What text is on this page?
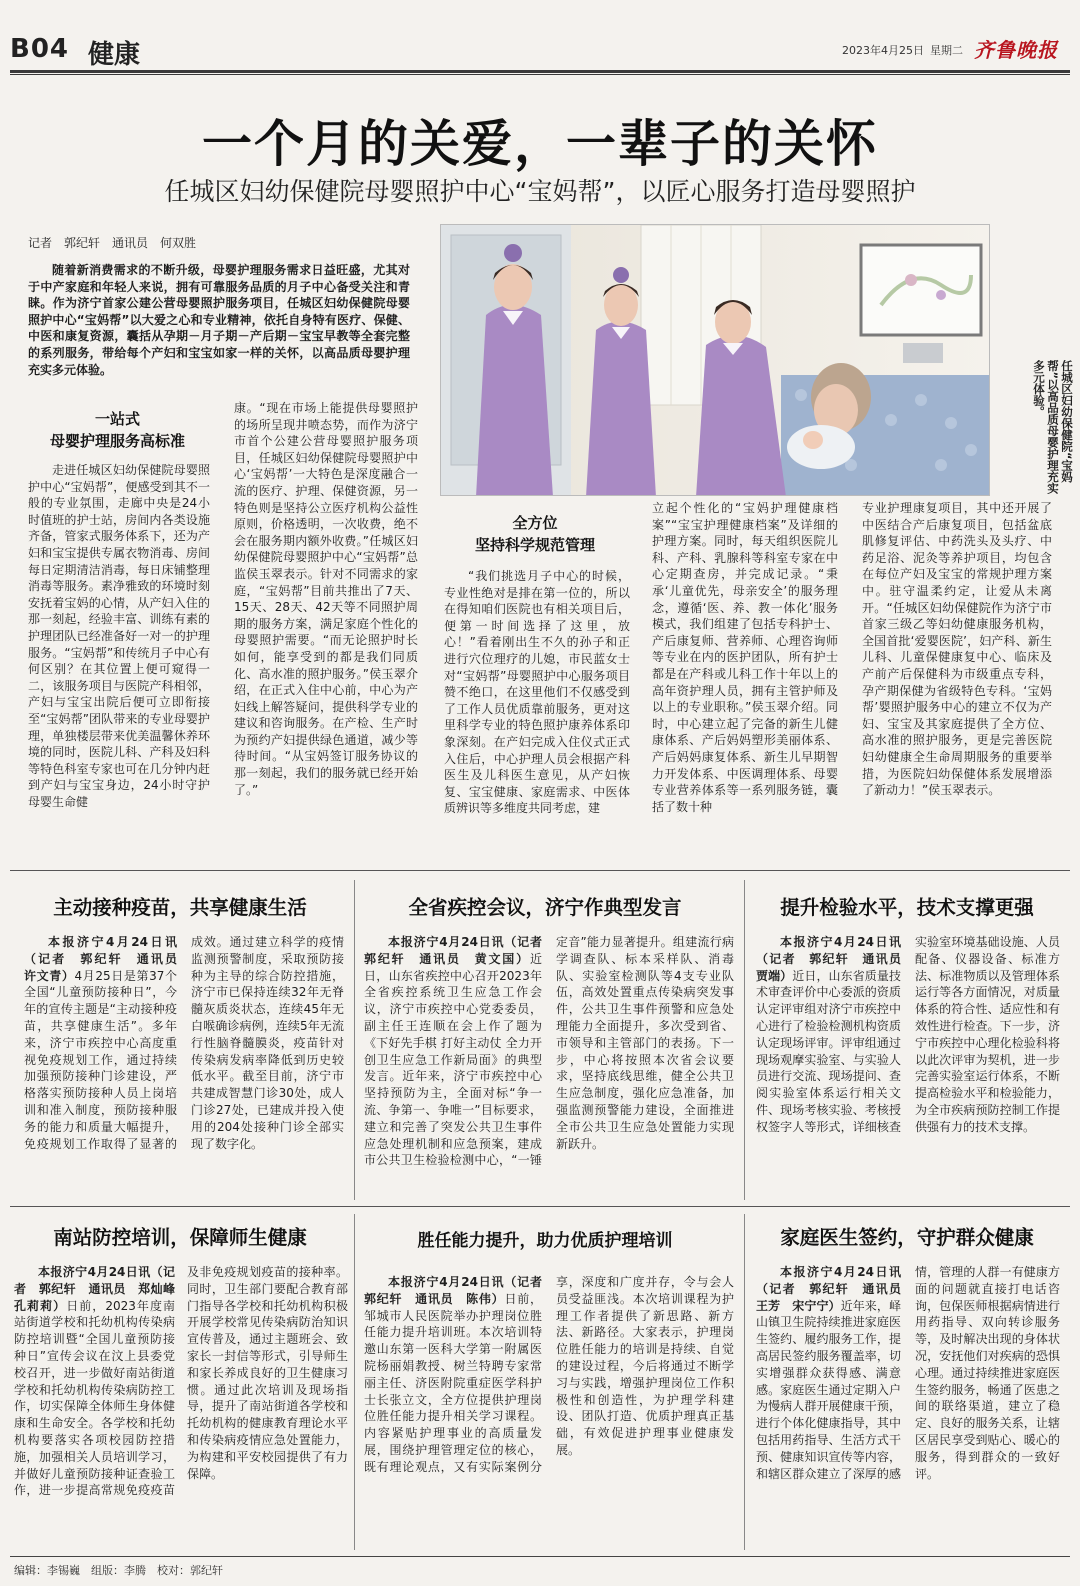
B04 健康	2023年4月25日 星期二 齐鲁晚报
一个月的关爱，一辈子的关怀
任城区妇幼保健院母婴照护中心“宝妈帮”，以匠心服务打造母婴照护
记者　郭纪轩　通讯员　何双胜
随着新消费需求的不断升级，母婴护理服务需求日益旺盛，尤其对于中产家庭和年轻人来说，拥有可靠服务品质的月子中心备受关注和青睐。作为济宁首家公建公营母婴照护服务项目，任城区妇幼保健院母婴照护中心“宝妈帮”以大爱之心和专业精神，依托自身特有医疗、保健、中医和康复资源，囊括从孕期－月子期－产后期－宝宝早教等全套完整的系列服务，带给每个产妇和宝宝如家一样的关怀，以高品质母婴护理充实多元体验。	任城区妇幼保健院“宝妈帮”以高品质母婴护理充实多元体验。
一站式
母婴护理服务高标准
走进任城区妇幼保健院母婴照护中心“宝妈帮”，便感受到其不一般的专业氛围，走廊中央是24小时值班的护士站，房间内各类设施齐备，管家式服务体系下，还为产妇和宝宝提供专属衣物消毒、房间每日定期清洁消毒，每日床铺整理消毒等服务。素净雅致的环境时刻安抚着宝妈的心情，从产妇入住的那一刻起，经验丰富、训练有素的护理团队已经准备好一对一的护理服务。“宝妈帮”和传统月子中心有何区别？在其位置上便可窥得一二，该服务项目与医院产科相邻，产妇与宝宝出院后便可立即衔接至“宝妈帮”团队带来的专业母婴护理，单独楼层带来优美温馨休养环境的同时，医院儿科、产科及妇科等特色科室专家也可在几分钟内赶到产妇与宝宝身边，24小时守护母婴生命健
康。“现在市场上能提供母婴照护的场所呈现井喷态势，而作为济宁市首个公建公营母婴照护服务项目，任城区妇幼保健院母婴照护中心‘宝妈帮’一大特色是深度融合一流的医疗、护理、保健资源，另一特色则是坚持公立医疗机构公益性原则，价格透明，一次收费，绝不会在服务期内额外收费。”任城区妇幼保健院母婴照护中心“宝妈帮”总监侯玉翠表示。针对不同需求的家庭，“宝妈帮”目前共推出了7天、15天、28天、42天等不同照护周期的服务方案，满足家庭个性化的母婴照护需要。“而无论照护时长如何，能享受到的都是我们同质化、高水准的照护服务。”侯玉翠介绍，在正式入住中心前，中心为产妇线上解答疑问，提供科学专业的建议和咨询服务。在产检、生产时为预约产妇提供绿色通道，减少等待时间。“从宝妈签订服务协议的那一刻起，我们的服务就已经开始了。”
全方位
坚持科学规范管理
“我们挑选月子中心的时候，专业性绝对是排在第一位的，所以在得知咱们医院也有相关项目后，便第一时间选择了这里，放心！”看着刚出生不久的孙子和正进行穴位理疗的儿媳，市民蓝女士对“宝妈帮”母婴照护中心服务项目赞不绝口，在这里他们不仅感受到了工作人员优质靠前服务，更对这里科学专业的特色照护康养体系印象深刻。在产妇完成入住仪式正式入住后，中心护理人员会根据产科医生及儿科医生意见，从产妇恢复、宝宝健康、家庭需求、中医体质辨识等多维度共同考虑，建
立起个性化的“宝妈护理健康档案”“宝宝护理健康档案”及详细的护理方案。同时，每天组织医院儿科、产科、乳腺科等科室专家在中心定期查房，并完成记录。“秉承‘儿童优先，母亲安全’的服务理念，遵循‘医、养、教一体化’服务模式，我们组建了包括专科护士、产后康复师、营养师、心理咨询师等专业在内的医护团队，所有护士都是在产科或儿科工作十年以上的高年资护理人员，拥有主管护师及以上的专业职称。”侯玉翠介绍。同时，中心建立起了完备的新生儿健康体系、产后妈妈塑形美丽体系、产后妈妈康复体系、新生儿早期智力开发体系、中医调理体系、母婴专业营养体系等一系列服务链，囊括了数十种
专业护理康复项目，其中还开展了中医结合产后康复项目，包括盆底肌修复评估、中药洗头及头疗、中药足浴、泥灸等养护项目，均包含在每位产妇及宝宝的常规护理方案中。驻守温柔约定，让爱从未离开。“任城区妇幼保健院作为济宁市首家三级乙等妇幼健康服务机构，全国首批‘爱婴医院’，妇产科、新生儿科、儿童保健康复中心、临床及产前产后保健科为市级重点专科，孕产期保健为省级特色专科。‘宝妈帮’婴照护服务中心的建立不仅为产妇、宝宝及其家庭提供了全方位、高水准的照护服务，更是完善医院妇幼健康全生命周期服务的重要举措，为医院妇幼保健体系发展增添了新动力！”侯玉翠表示。
主动接种疫苗，共享健康生活
本报济宁4月24日讯（记者　郭纪轩　通讯员　许文青）4月25日是第37个全国“儿童预防接种日”，今年的宣传主题是“主动接种疫苗，共享健康生活”。多年来，济宁市疾控中心高度重视免疫规划工作，通过持续加强预防接种门诊建设，严格落实预防接种人员上岗培训和准入制度，预防接种服务的能力和质量大幅提升，免疫规划工作取得了显著的成效。通过建立科学的疫情监测预警制度，采取预防接种为主导的综合防控措施，济宁市已保持连续32年无脊髓灰质炎状态，连续45年无白喉确诊病例，连续5年无流行性脑脊髓膜炎，疫苗针对传染病发病率降低到历史较低水平。截至目前，济宁市共建成智慧门诊30处，成人门诊27处，已建成并投入使用的204处接种门诊全部实现了数字化。
全省疾控会议，济宁作典型发言
本报济宁4月24日讯（记者　郭纪轩　通讯员　黄文国）近日，山东省疾控中心召开2023年全省疾控系统卫生应急工作会议，济宁市疾控中心党委委员，副主任王连顺在会上作了题为《下好先手棋 打好主动仗 全力开创卫生应急工作新局面》的典型发言。近年来，济宁市疾控中心坚持预防为主，全面对标“争一流、争第一、争唯一”目标要求，建立和完善了突发公共卫生事件应急处理机制和应急预案，建成市公共卫生检验检测中心，“一锤定音”能力显著提升。组建流行病学调查队、标本采样队、消毒队、实验室检测队等4支专业队伍，高效处置重点传染病突发事件，公共卫生事件预警和应急处理能力全面提升，多次受到省、市领导和主管部门的表扬。下一步，中心将按照本次省会议要求，坚持底线思维，健全公共卫生应急制度，强化应急准备，加强监测预警能力建设，全面推进全市公共卫生应急处置能力实现新跃升。
提升检验水平，技术支撑更强
本报济宁4月24日讯（记者　郭纪轩　通讯员　贾端）近日，山东省质量技术审查评价中心委派的资质认定评审组对济宁市疾控中心进行了检验检测机构资质认定现场评审。评审组通过现场观摩实验室、与实验人员进行交流、现场提问、查阅实验室体系运行相关文件、现场考核实验、考核授权签字人等形式，详细核查实验室环境基础设施、人员配备、仪器设备、标准方法、标准物质以及管理体系运行等各方面情况，对质量体系的符合性、适应性和有效性进行检查。下一步，济宁市疾控中心理化检验科将以此次评审为契机，进一步完善实验室运行体系，不断提高检验水平和检验能力，为全市疾病预防控制工作提供强有力的技术支撑。
南站防控培训，保障师生健康
本报济宁4月24日讯（记者　郭纪轩　通讯员　郑灿峰　孔莉莉）日前，2023年度南站街道学校和托幼机构传染病防控培训暨“全国儿童预防接种日”宣传会议在汶上县委党校召开，进一步做好南站街道学校和托幼机构传染病防控工作，切实保障全体师生身体健康和生命安全。各学校和托幼机构要落实各项校园防控措施，加强相关人员培训学习，并做好儿童预防接种证查验工作，进一步提高常规免疫疫苗及非免疫规划疫苗的接种率。同时，卫生部门要配合教育部门指导各学校和托幼机构积极开展学校常见传染病防治知识宣传普及，通过主题班会、致家长一封信等形式，引导师生和家长养成良好的卫生健康习惯。通过此次培训及现场指导，提升了南站街道各学校和托幼机构的健康教育理论水平和传染病疫情应急处置能力，为构建和平安校园提供了有力保障。
胜任能力提升，助力优质护理培训
本报济宁4月24日讯（记者　郭纪轩　通讯员　陈伟）日前，邹城市人民医院举办护理岗位胜任能力提升培训班。本次培训特邀山东第一医科大学第一附属医院杨丽娟教授、树兰特聘专家常丽主任、济医附院重症医学科护士长张立文，全方位提供护理岗位胜任能力提升相关学习课程。内容紧贴护理事业的高质量发展，围绕护理管理定位的核心，既有理论观点，又有实际案例分享，深度和广度并存，令与会人员受益匪浅。本次培训课程为护理工作者提供了新思路、新方法、新路径。大家表示，护理岗位胜任能力的培训是持续、自觉的建设过程，今后将通过不断学习与实践，增强护理岗位工作积极性和创造性，为护理学科建设、团队打造、优质护理真正基础，有效促进护理事业健康发展。
家庭医生签约，守护群众健康
本报济宁4月24日讯（记者　郭纪轩　通讯员　王芳　宋宁宁）近年来，峄山镇卫生院持续推进家庭医生签约、履约服务工作，提高居民签约服务覆盖率，切实增强群众获得感、满意感。家庭医生通过定期入户为慢病人群开展健康干预，进行个体化健康指导，其中包括用药指导、生活方式干预、健康知识宣传等内容，和辖区群众建立了深厚的感情，管理的人群一有健康方面的问题就直接打电话咨询，包保医师根据病情进行用药指导、双向转诊服务等，及时解决出现的身体状况，安抚他们对疾病的恐惧心理。通过持续推进家庭医生签约服务，畅通了医患之间的联络渠道，建立了稳定、良好的服务关系，让辖区居民享受到贴心、暖心的服务，得到群众的一致好评。
编辑：李锡巍　组版：李腾　校对：郭纪轩
